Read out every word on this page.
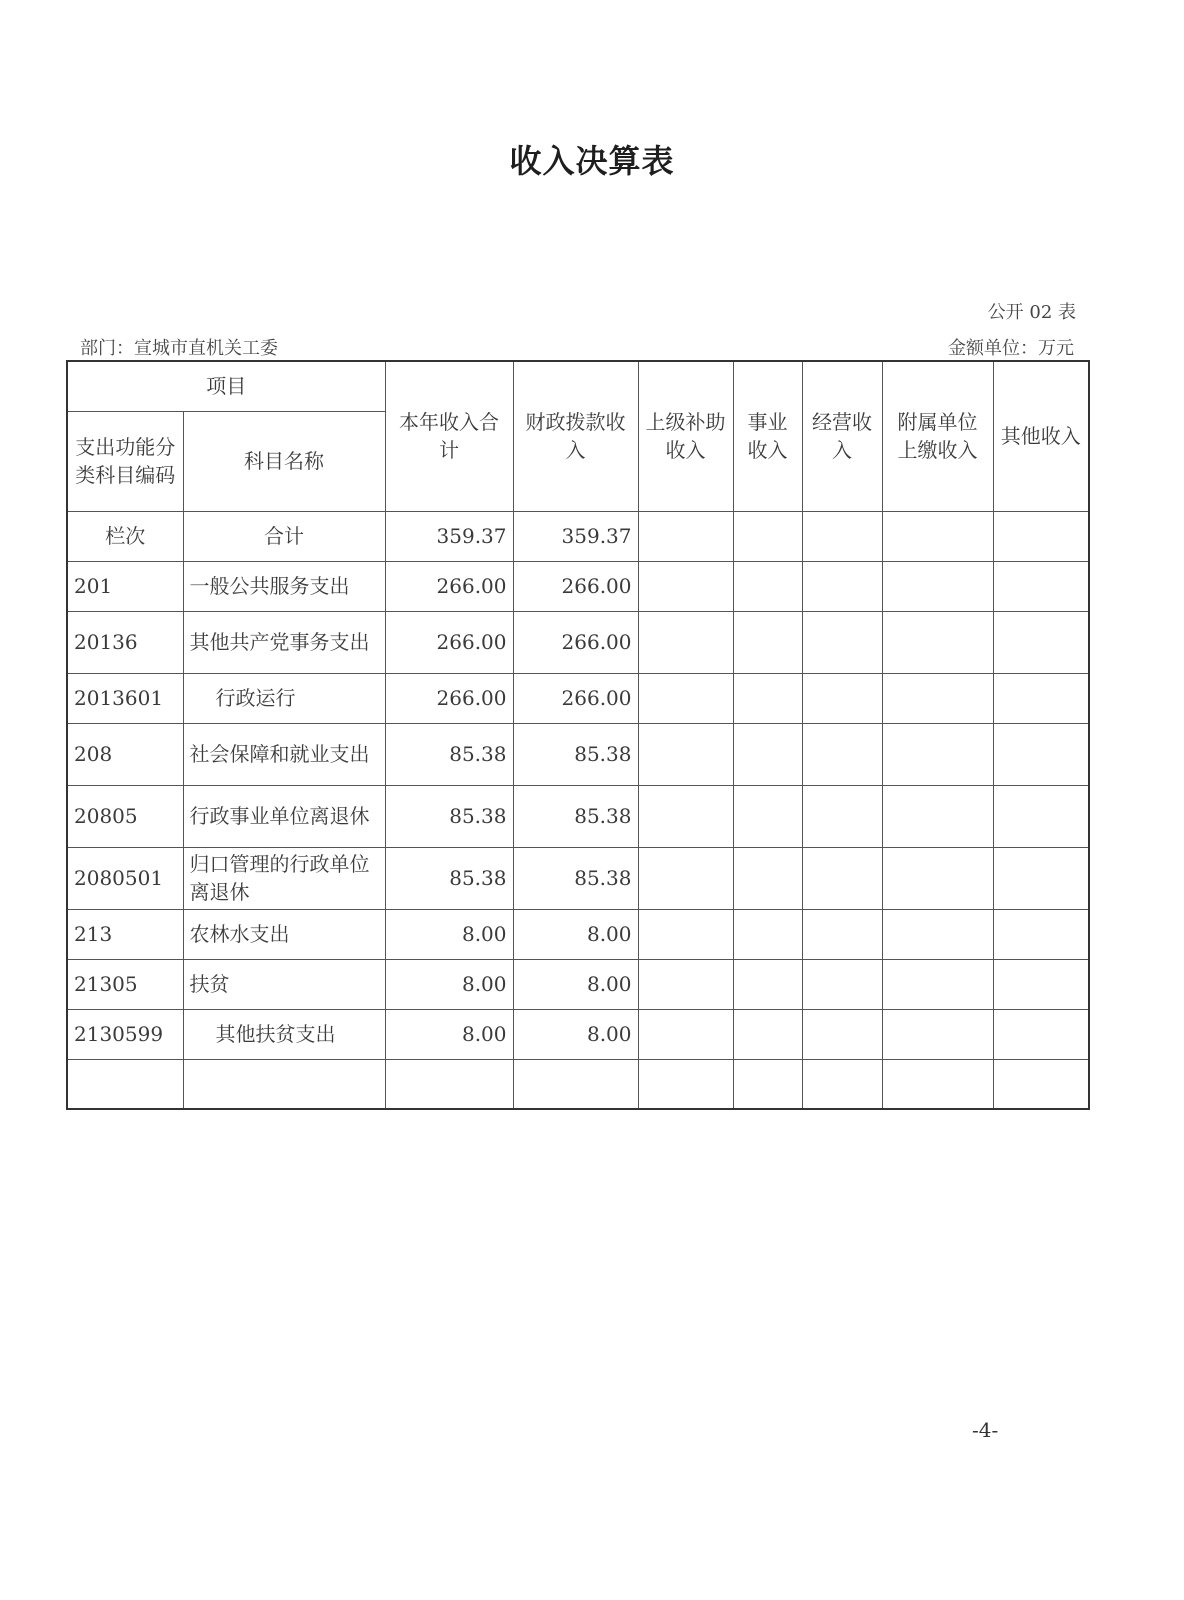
收入决算表
公开 02 表
部门：宣城市直机关工委	金额单位：万元
项目		本年收入合计	财政拨款收入	上级补助收入	事业收入	经营收入	附属单位上缴收入	其他收入
支出功能分类科目编码	科目名称							
栏次	合计	359.37	359.37					
201	一般公共服务支出	266.00	266.00					
20136	其他共产党事务支出	266.00	266.00					
2013601	行政运行	266.00	266.00					
208	社会保障和就业支出	85.38	85.38					
20805	行政事业单位离退休	85.38	85.38					
2080501	归口管理的行政单位离退休	85.38	85.38					
213	农林水支出	8.00	8.00					
21305	扶贫	8.00	8.00					
2130599	其他扶贫支出	8.00	8.00					

-4-
